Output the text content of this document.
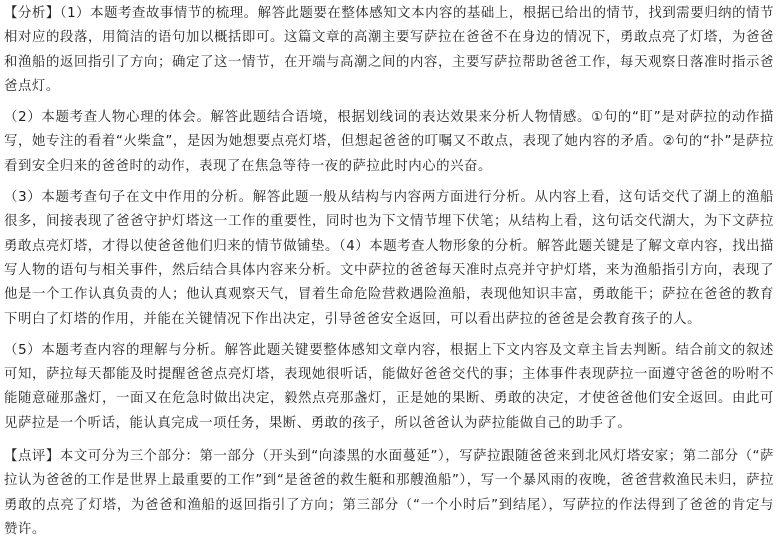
【分析】（1）本题考查故事情节的梳理。解答此题要在整体感知文本内容的基础上，根据已给出的情节，找到需要归纳的情节相对应的段落，用简洁的语句加以概括即可。这篇文章的高潮主要写萨拉在爸爸不在身边的情况下，勇敢点亮了灯塔，为爸爸和渔船的返回指引了方向；确定了这一情节，在开端与高潮之间的内容，主要写萨拉帮助爸爸工作，每天观察日落准时指示爸爸点灯。

（2）本题考查人物心理的体会。解答此题结合语境，根据划线词的表达效果来分析人物情感。①句的“盯”是对萨拉的动作描写，她专注的看着“火柴盒”，是因为她想要点亮灯塔，但想起爸爸的叮嘱又不敢点，表现了她内容的矛盾。②句的“扑”是萨拉看到安全归来的爸爸时的动作，表现了在焦急等待一夜的萨拉此时内心的兴奋。

（3）本题考查句子在文中作用的分析。解答此题一般从结构与内容两方面进行分析。从内容上看，这句话交代了湖上的渔船很多，间接表现了爸爸守护灯塔这一工作的重要性，同时也为下文情节埋下伏笔；从结构上看，这句话交代湖大，为下文萨拉勇敢点亮灯塔，才得以使爸爸他们归来的情节做铺垫。（4）本题考查人物形象的分析。解答此题关键是了解文章内容，找出描写人物的语句与相关事件，然后结合具体内容来分析。文中萨拉的爸爸每天准时点亮并守护灯塔，来为渔船指引方向，表现了他是一个工作认真负责的人；他认真观察天气，冒着生命危险营救遇险渔船，表现他知识丰富，勇敢能干；萨拉在爸爸的教育下明白了灯塔的作用，并能在关键情况下作出决定，引导爸爸安全返回，可以看出萨拉的爸爸是会教育孩子的人。

（5）本题考查内容的理解与分析。解答此题关键要整体感知文章内容，根据上下文内容及文章主旨去判断。结合前文的叙述可知，萨拉每天都能及时提醒爸爸点亮灯塔，表现她很听话，能做好爸爸交代的事；主体事件表现萨拉一面遵守爸爸的吩咐不能随意碰那盏灯，一面又在危急时做出决定，毅然点亮那盏灯，正是她的果断、勇敢的决定，才使爸爸他们安全返回。由此可见萨拉是一个听话，能认真完成一项任务，果断、勇敢的孩子，所以爸爸认为萨拉能做自己的助手了。

【点评】本文可分为三个部分：第一部分（开头到“向漆黑的水面蔓延”），写萨拉跟随爸爸来到北风灯塔安家；第二部分（“萨拉认为爸爸的工作是世界上最重要的工作”到“是爸爸的救生艇和那艘渔船”），写一个暴风雨的夜晚，爸爸营救渔民未归，萨拉勇敢的点亮了灯塔，为爸爸和渔船的返回指引了方向；第三部分（“一个小时后”到结尾），写萨拉的作法得到了爸爸的肯定与赞许。
